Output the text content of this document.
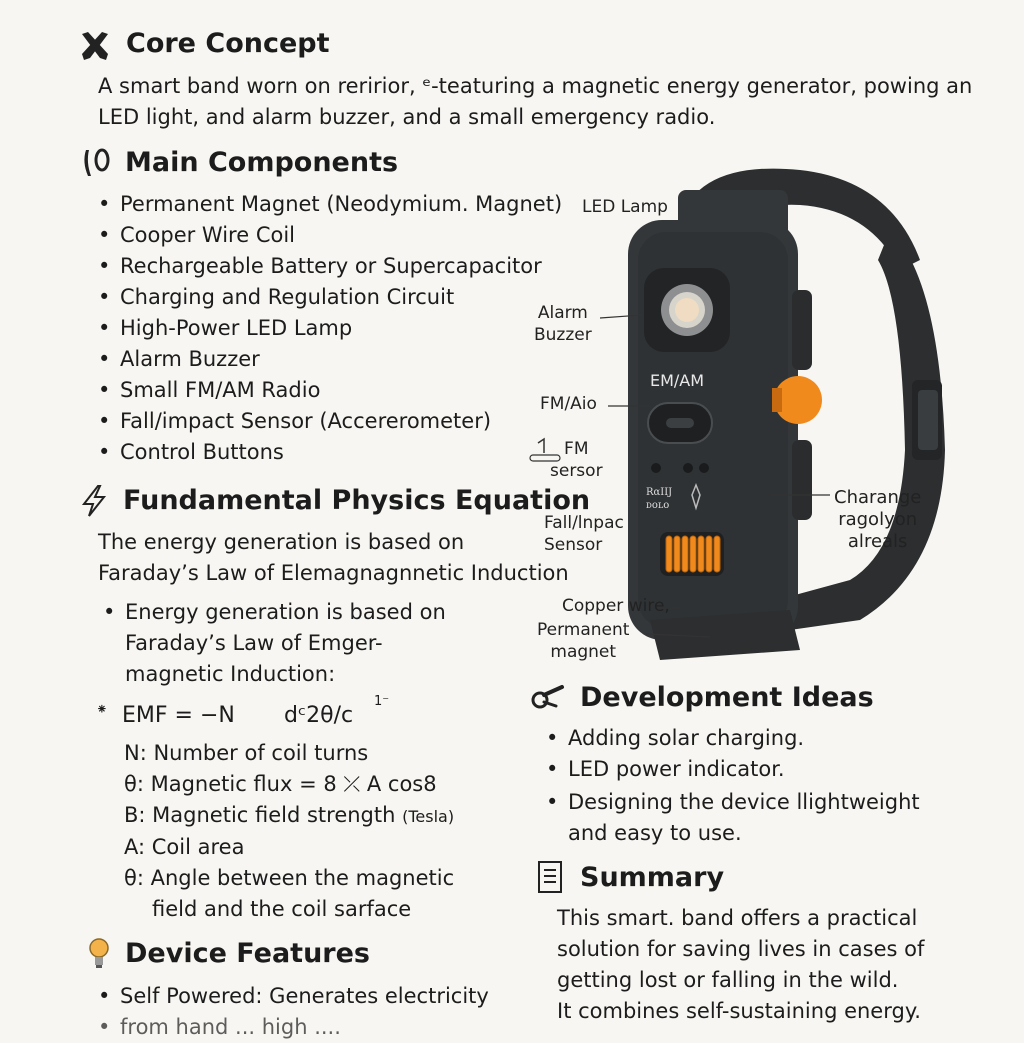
Core Concept
A smart band worn on reririor, ᵉ-teaturing a magnetic energy generator, powing an
LED light, and alarm buzzer, and a small emergency radio.
Main Components
• Permanent Magnet (Neodymium. Magnet)
• Cooper Wire Coil
• Rechargeable Battery or Supercapacitor
• Charging and Regulation Circuit
• High-Power LED Lamp
• Alarm Buzzer
• Small FM/AM Radio
• Fall/impact Sensor (Accererometer)
• Control Buttons
Fundamental Physics Equation
The energy generation is based on
Faraday’s Law of Elemagnagnnetic Induction
• Energy generation is based on
Faraday’s Law of Emger-
magnetic Induction:
⁕ EMF = −N dᶜ2θ/c
1⁻
N: Number of coil turns
θ: Magnetic flux = 8 ⤫ A cos8
B: Magnetic field strength (Tesla)
A: Coil area
θ: Angle between the magnetic
field and the coil sarface
Device Features
• Self Powered: Generates electricity
• from hand ... high ....
EM/AM
RαIIJ
ᴅᴏʟᴏ
LED Lamp
Alarm
Buzzer
FM/Aio
FM
sersor
Fall/lnpaᴄ
Sensor
Copper wire,
Permanent
magnet
Charange
ragolyon
alreals
Development Ideas
• Adding solar charging.
• LED power indicator.
• Designing the device llightweight
and easy to use.
Summary
This smart. band offers a practical
solution for saving lives in cases of
getting lost or falling in the wild.
It combines self-sustaining energy.
